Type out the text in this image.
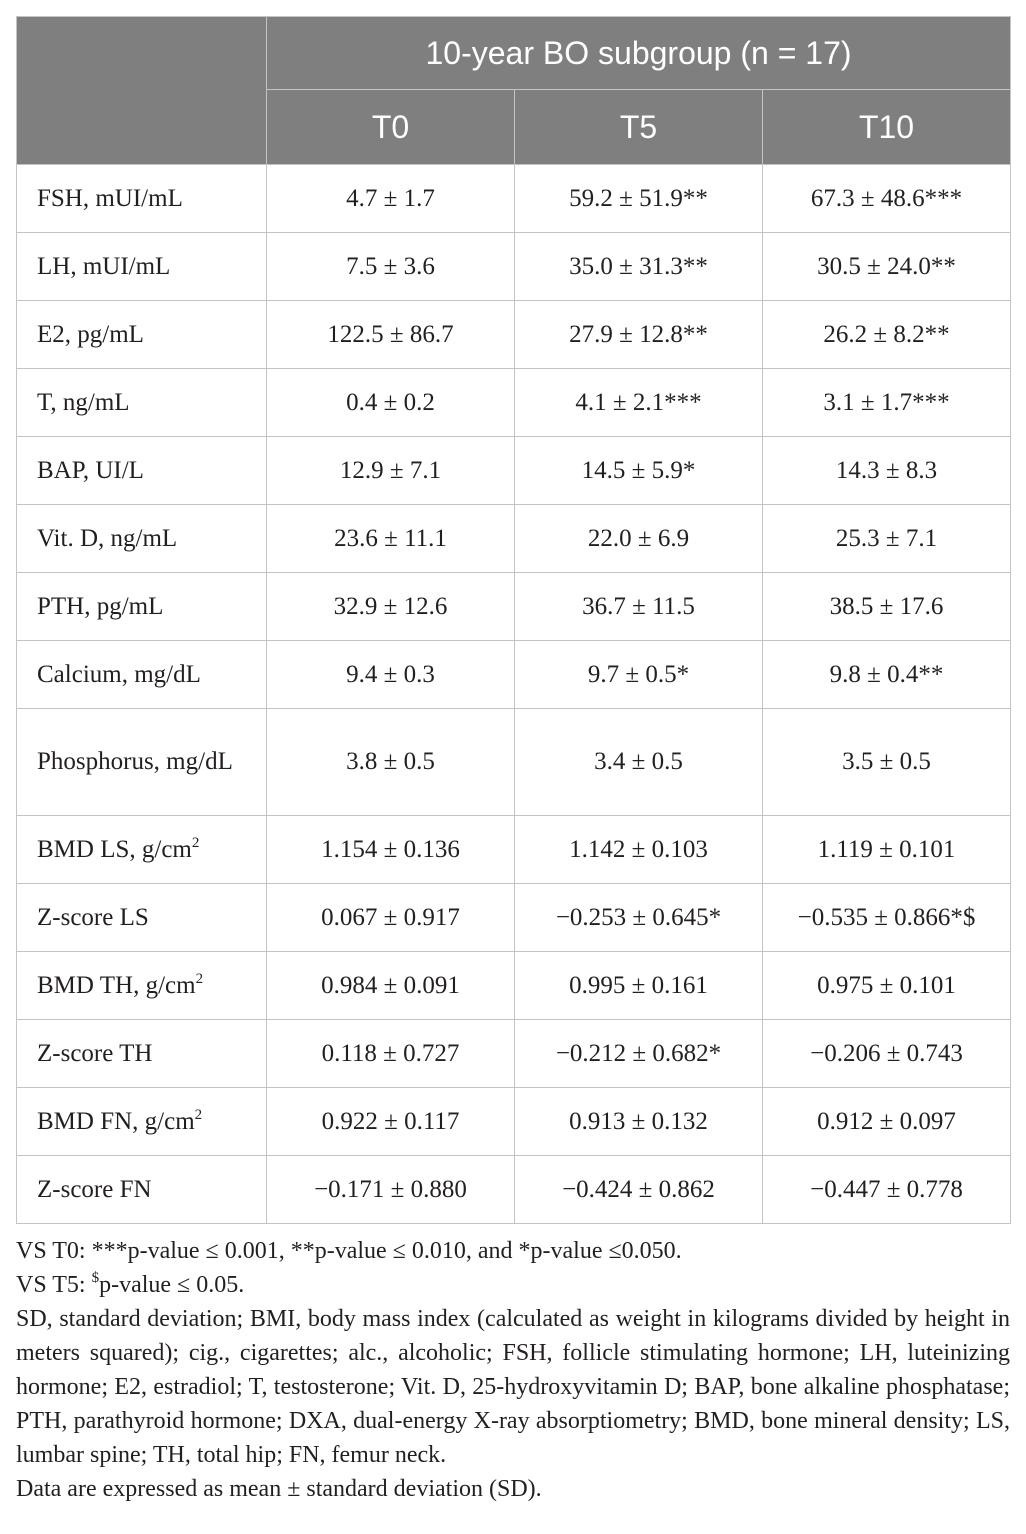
	10-year BO subgroup (n = 17)		
	T0	T5	T10
FSH, mUI/mL	4.7 ± 1.7	59.2 ± 51.9**	67.3 ± 48.6***
LH, mUI/mL	7.5 ± 3.6	35.0 ± 31.3**	30.5 ± 24.0**
E2, pg/mL	122.5 ± 86.7	27.9 ± 12.8**	26.2 ± 8.2**
T, ng/mL	0.4 ± 0.2	4.1 ± 2.1***	3.1 ± 1.7***
BAP, UI/L	12.9 ± 7.1	14.5 ± 5.9*	14.3 ± 8.3
Vit. D, ng/mL	23.6 ± 11.1	22.0 ± 6.9	25.3 ± 7.1
PTH, pg/mL	32.9 ± 12.6	36.7 ± 11.5	38.5 ± 17.6
Calcium, mg/dL	9.4 ± 0.3	9.7 ± 0.5*	9.8 ± 0.4**
Phosphorus, mg/dL	3.8 ± 0.5	3.4 ± 0.5	3.5 ± 0.5
BMD LS, $g/cm^2$	1.154 ± 0.136	1.142 ± 0.103	1.119 ± 0.101
Z-score LS	0.067 ± 0.917	−0.253 ± 0.645*	−0.535 ± 0.866*$
BMD TH, $g/cm^2$	0.984 ± 0.091	0.995 ± 0.161	0.975 ± 0.101
Z-score TH	0.118 ± 0.727	−0.212 ± 0.682*	−0.206 ± 0.743
BMD FN, $g/cm^2$	0.922 ± 0.117	0.913 ± 0.132	0.912 ± 0.097
Z-score FN	−0.171 ± 0.880	−0.424 ± 0.862	−0.447 ± 0.778

VS T0: ***p-value ≤ 0.001, **p-value ≤ 0.010, and *p-value ≤0.050.

VS T5: $p-value ≤ 0.05.

SD, standard deviation; BMI, body mass index (calculated as weight in kilograms divided by height in meters squared); cig., cigarettes; alc., alcoholic; FSH, follicle stimulating hormone; LH, luteinizing hormone; E2, estradiol; T, testosterone; Vit. D, 25-hydroxyvitamin D; BAP, bone alkaline phosphatase; PTH, parathyroid hormone; DXA, dual-energy X-ray absorptiometry; BMD, bone mineral density; LS, lumbar spine; TH, total hip; FN, femur neck.

Data are expressed as mean ± standard deviation (SD).
